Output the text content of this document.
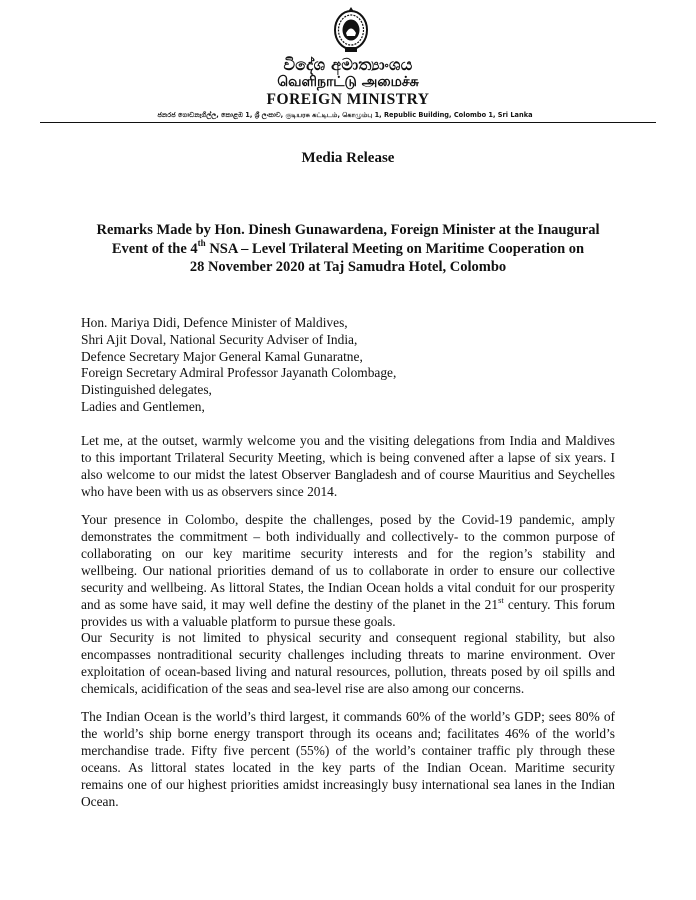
විදේශ අමාත්‍යාංශය
வெளிநாட்டு அமைச்சு
FOREIGN MINISTRY
ජනරජ ගොඩනැගිල්ල, කොළඹ 1, ශ්‍රී ලංකාව, குடியரசு கட்டிடம், கொழும்பு 1, Republic Building, Colombo 1, Sri Lanka
Media Release
Remarks Made by Hon. Dinesh Gunawardena, Foreign Minister at the Inaugural
Event of the 4th NSA – Level Trilateral Meeting on Maritime Cooperation on
28 November 2020 at Taj Samudra Hotel, Colombo
Hon. Mariya Didi, Defence Minister of Maldives,
Shri Ajit Doval, National Security Adviser of India,
Defence Secretary Major General Kamal Gunaratne,
Foreign Secretary Admiral Professor Jayanath Colombage,
Distinguished delegates,
Ladies and Gentlemen,
Let me, at the outset, warmly welcome you and the visiting delegations from India and Maldives
to this important Trilateral Security Meeting, which is being convened after a lapse of six years. I
also welcome to our midst the latest Observer Bangladesh and of course Mauritius and Seychelles
who have been with us as observers since 2014.
Your presence in Colombo, despite the challenges, posed by the Covid-19 pandemic, amply
demonstrates the commitment – both individually and collectively- to the common purpose of
collaborating on our key maritime security interests and for the region’s stability and
wellbeing. Our national priorities demand of us to collaborate in order to ensure our collective
security and wellbeing. As littoral States, the Indian Ocean holds a vital conduit for our prosperity
and as some have said, it may well define the destiny of the planet in the 21st century. This forum
provides us with a valuable platform to pursue these goals.
Our Security is not limited to physical security and consequent regional stability, but also
encompasses nontraditional security challenges including threats to marine environment. Over
exploitation of ocean-based living and natural resources, pollution, threats posed by oil spills and
chemicals, acidification of the seas and sea-level rise are also among our concerns.
The Indian Ocean is the world’s third largest, it commands 60% of the world’s GDP; sees 80% of
the world’s ship borne energy transport through its oceans and; facilitates 46% of the world’s
merchandise trade. Fifty five percent (55%) of the world’s container traffic ply through these
oceans. As littoral states located in the key parts of the Indian Ocean. Maritime security
remains one of our highest priorities amidst increasingly busy international sea lanes in the Indian
Ocean.
